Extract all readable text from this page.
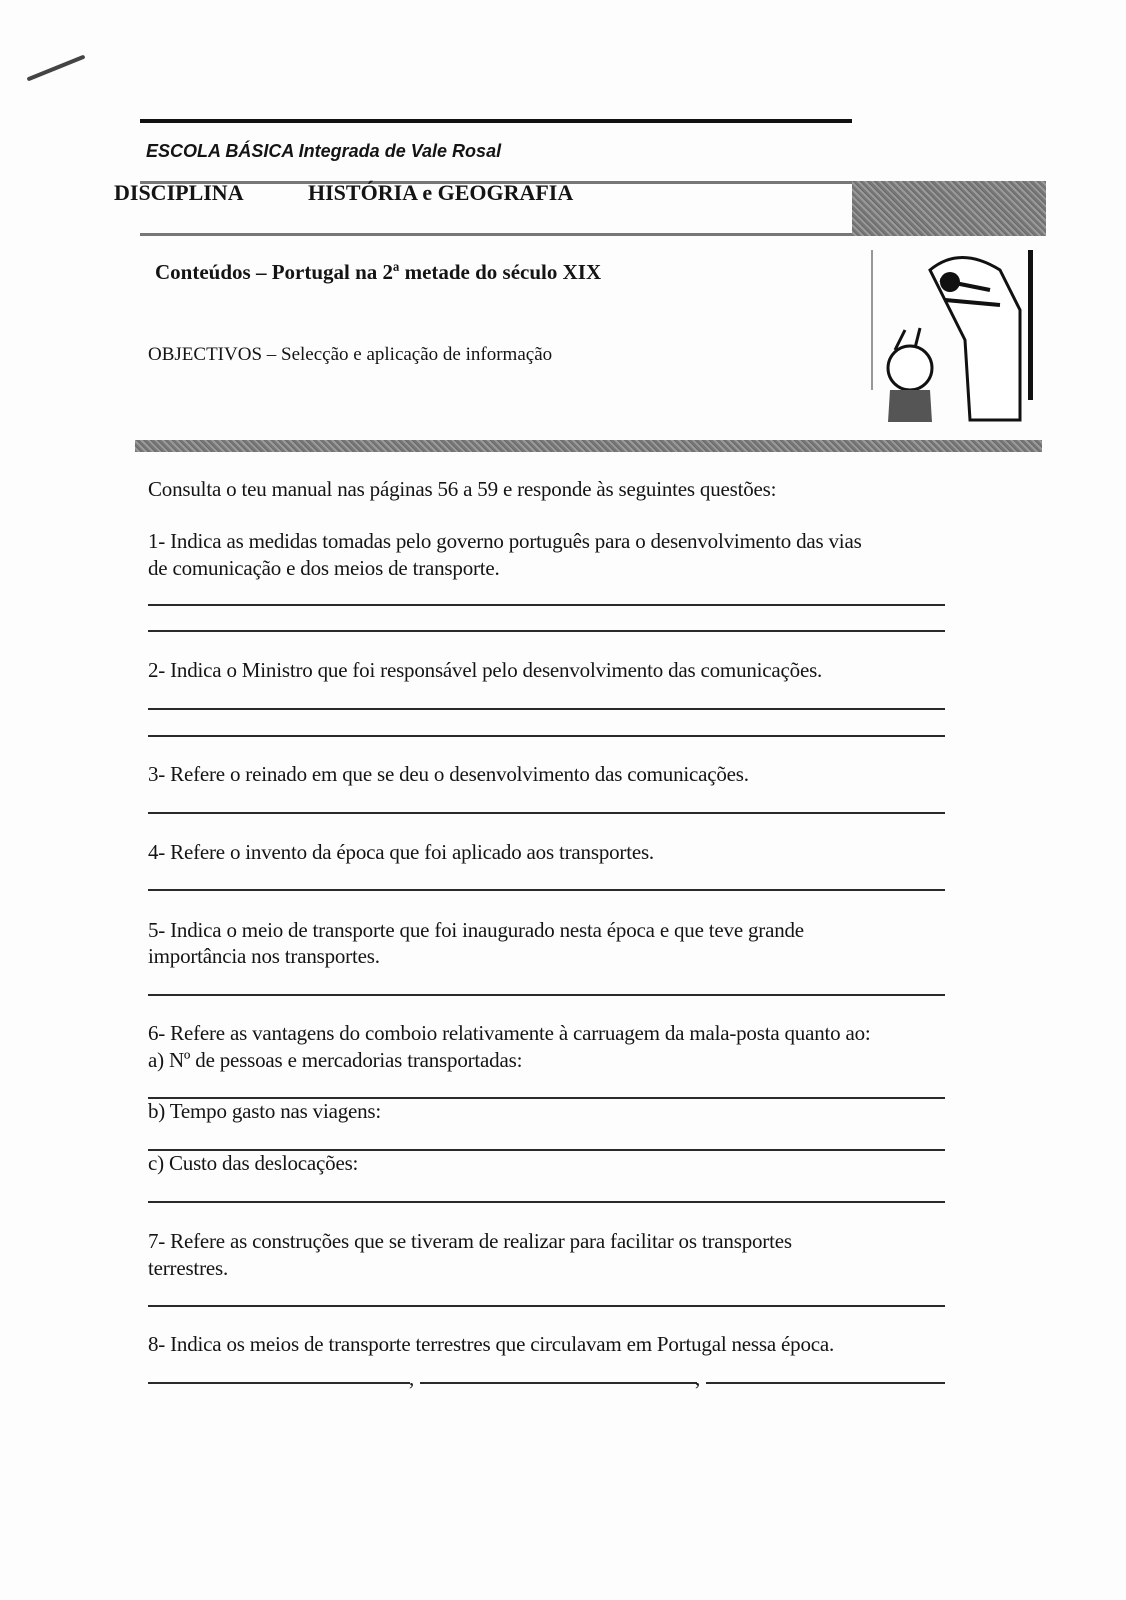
ESCOLA BÁSICA Integrada de Vale Rosal
DISCIPLINA	HISTÓRIA e GEOGRAFIA
Conteúdos – Portugal na 2ª metade do século XIX
OBJECTIVOS – Selecção e aplicação de informação
Consulta o teu manual nas páginas 56 a 59 e responde às seguintes questões:
1- Indica as medidas tomadas pelo governo português para o desenvolvimento das vias
de comunicação e dos meios de transporte.
2- Indica o Ministro que foi responsável pelo desenvolvimento das comunicações.
3- Refere o reinado em que se deu o desenvolvimento das comunicações.
4- Refere o invento da época que foi aplicado aos transportes.
5- Indica o meio de transporte que foi inaugurado nesta época e que teve grande
importância nos transportes.
6- Refere as vantagens do comboio relativamente à carruagem da mala-posta quanto ao:
a) Nº de pessoas e mercadorias transportadas:
b) Tempo gasto nas viagens:
c) Custo das deslocações:
7- Refere as construções que se tiveram de realizar para facilitar os transportes
terrestres.
8- Indica os meios de transporte terrestres que circulavam em Portugal nessa época.
,	,
